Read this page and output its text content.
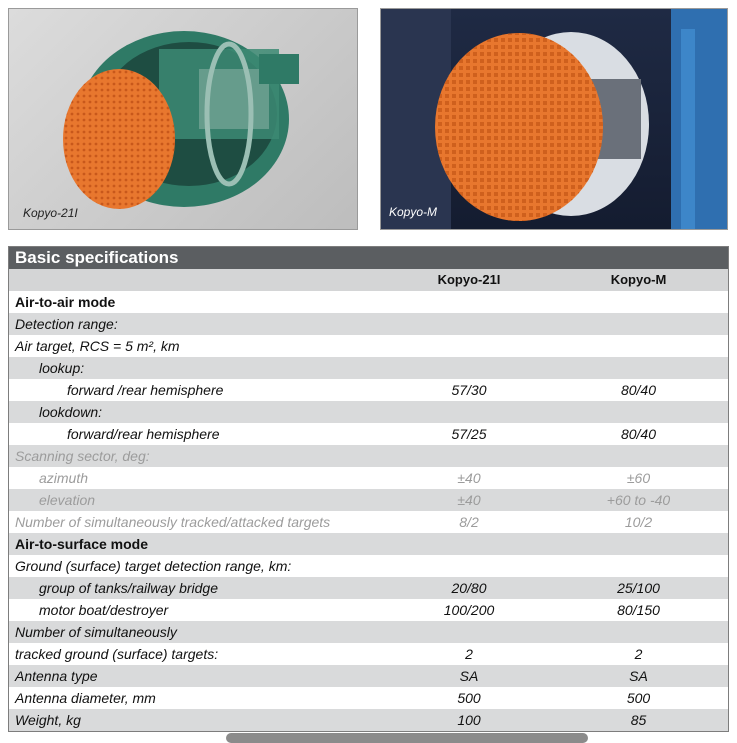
Kopyo-21I	Kopyo-M
Basic specifications
Kopyo-21I	Kopyo-M
Air-to-air mode
Detection range:
Air target, RCS = 5 m², km
lookup:
forward /rear hemisphere	57/30	80/40
lookdown:
forward/rear hemisphere	57/25	80/40
Scanning sector, deg:
azimuth	±40	±60
elevation	±40	+60 to -40
Number of simultaneously tracked/attacked targets	8/2	10/2
Air-to-surface mode
Ground (surface) target detection range, km:
group of tanks/railway bridge	20/80	25/100
motor boat/destroyer	100/200	80/150
Number of simultaneously
tracked ground (surface) targets:	2	2
Antenna type	SA	SA
Antenna diameter, mm	500	500
Weight, kg	100	85
